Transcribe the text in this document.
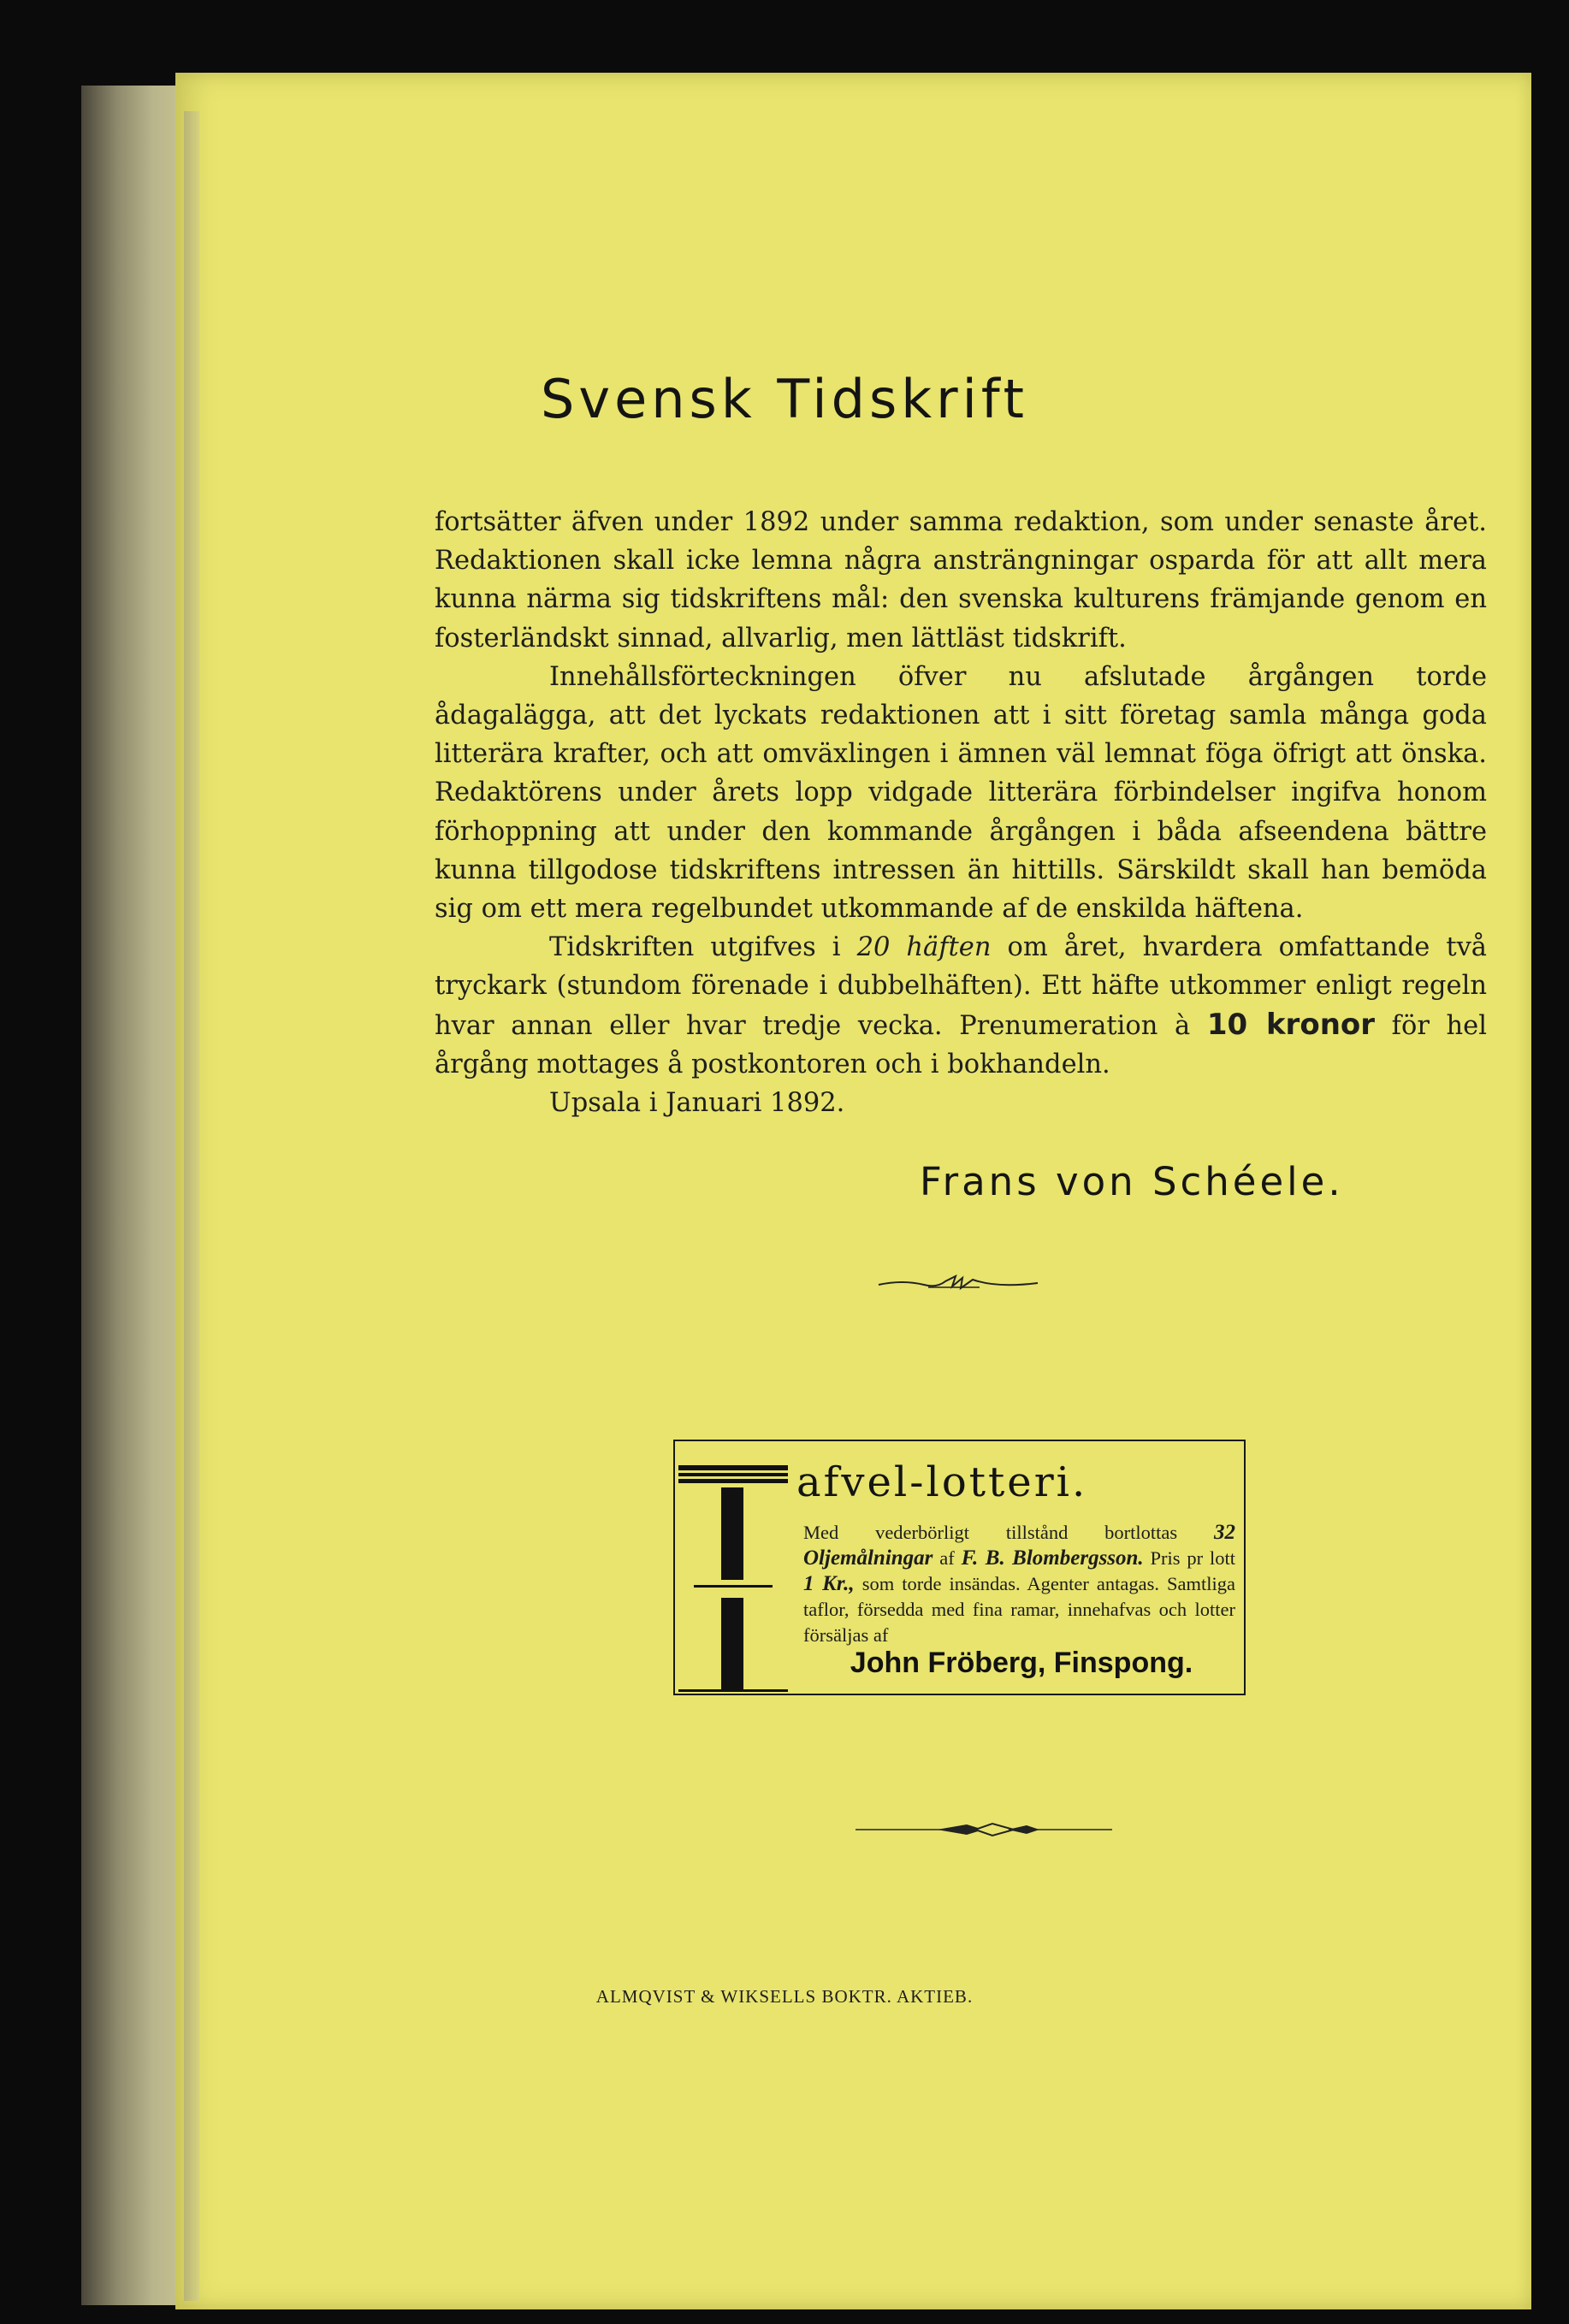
Svensk Tidskrift

fortsätter äfven under 1892 under samma redaktion, som under senaste året. Redaktionen skall icke lemna några ansträngningar osparda för att allt mera kunna närma sig tidskriftens mål: den svenska kulturens främjande genom en fosterländskt sinnad, allvarlig, men lättläst tidskrift.

Innehållsförteckningen öfver nu afslutade årgången torde ådagalägga, att det lyckats redaktionen att i sitt företag samla många goda litterära krafter, och att omväxlingen i ämnen väl lemnat föga öfrigt att önska. Redaktörens under årets lopp vidgade litterära förbindelser ingifva honom förhoppning att under den kommande årgången i båda afseendena bättre kunna tillgodose tidskriftens intressen än hittills. Särskildt skall han bemöda sig om ett mera regelbundet utkommande af de enskilda häftena.

Tidskriften utgifves i 20 häften om året, hvardera omfattande två tryckark (stundom förenade i dubbelhäften). Ett häfte utkommer enligt regeln hvar annan eller hvar tredje vecka. Prenumeration à 10 kronor för hel årgång mottages å postkontoren och i bokhandeln.

Upsala i Januari 1892.

Frans von Schéele.
afvel-lotteri.
Med vederbörligt tillstånd bortlottas 32 Oljemålningar af F. B. Blombergsson. Pris pr lott 1 Kr., som torde insändas. Agenter antagas. Samtliga taflor, försedda med fina ramar, innehafvas och lotter försäljas af
John Fröberg, Finspong.
ALMQVIST & WIKSELLS BOKTR. AKTIEB.
